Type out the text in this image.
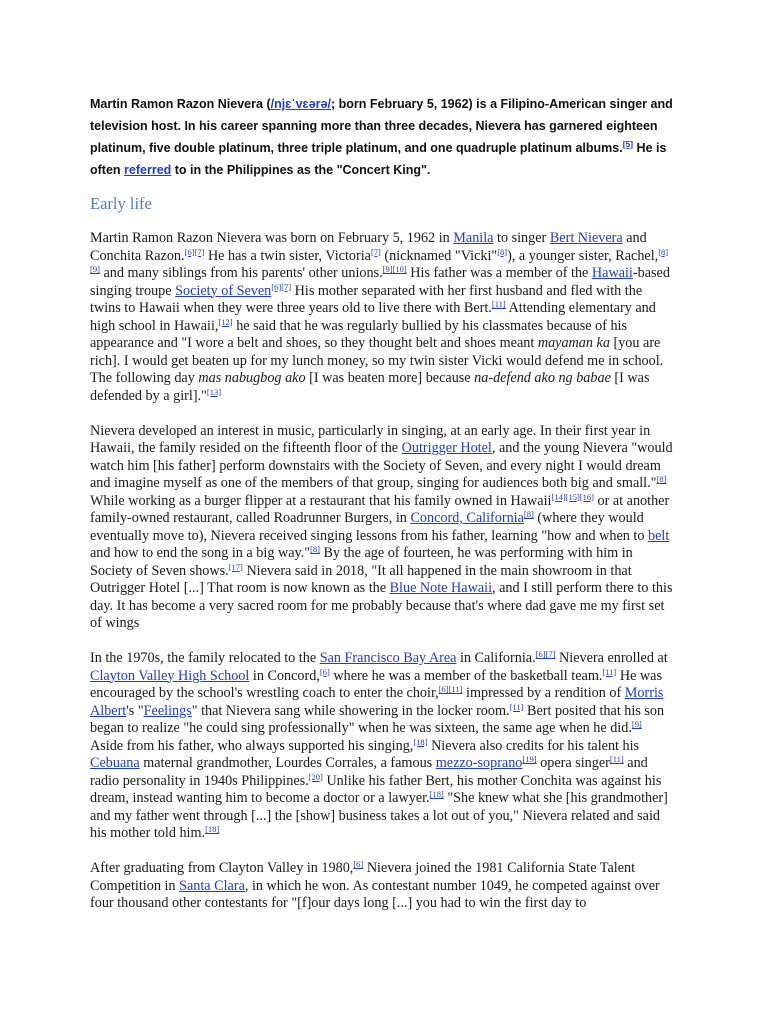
Martin Ramon Razon Nievera (/njɛˈvɛərə/; born February 5, 1962) is a Filipino-American singer and television host. In his career spanning more than three decades, Nievera has garnered eighteen platinum, five double platinum, three triple platinum, and one quadruple platinum albums.[5] He is often referred to in the Philippines as the "Concert King".

Early life

Martin Ramon Razon Nievera was born on February 5, 1962 in Manila to singer Bert Nievera and Conchita Razon.[6][7] He has a twin sister, Victoria[7] (nicknamed "Vicki"[8]), a younger sister, Rachel,[8][9] and many siblings from his parents' other unions.[9][10] His father was a member of the Hawaii-based singing troupe Society of Seven[6][7] His mother separated with her first husband and fled with the twins to Hawaii when they were three years old to live there with Bert.[11] Attending elementary and high school in Hawaii,[12] he said that he was regularly bullied by his classmates because of his appearance and "I wore a belt and shoes, so they thought belt and shoes meant mayaman ka [you are rich]. I would get beaten up for my lunch money, so my twin sister Vicki would defend me in school. The following day mas nabugbog ako [I was beaten more] because na-defend ako ng babae [I was defended by a girl]."[13]

Nievera developed an interest in music, particularly in singing, at an early age. In their first year in Hawaii, the family resided on the fifteenth floor of the Outrigger Hotel, and the young Nievera "would watch him [his father] perform downstairs with the Society of Seven, and every night I would dream and imagine myself as one of the members of that group, singing for audiences both big and small."[8] While working as a burger flipper at a restaurant that his family owned in Hawaii[14][15][16] or at another family-owned restaurant, called Roadrunner Burgers, in Concord, California[8] (where they would eventually move to), Nievera received singing lessons from his father, learning "how and when to belt and how to end the song in a big way."[8] By the age of fourteen, he was performing with him in Society of Seven shows.[17] Nievera said in 2018, "It all happened in the main showroom in that Outrigger Hotel [...] That room is now known as the Blue Note Hawaii, and I still perform there to this day. It has become a very sacred room for me probably because that's where dad gave me my first set of wings

In the 1970s, the family relocated to the San Francisco Bay Area in California.[6][7] Nievera enrolled at Clayton Valley High School in Concord,[6] where he was a member of the basketball team.[11] He was encouraged by the school's wrestling coach to enter the choir,[6][11] impressed by a rendition of Morris Albert's "Feelings" that Nievera sang while showering in the locker room.[11] Bert posited that his son began to realize "he could sing professionally" when he was sixteen, the same age when he did.[9] Aside from his father, who always supported his singing,[18] Nievera also credits for his talent his Cebuana maternal grandmother, Lourdes Corrales, a famous mezzo-soprano[19] opera singer[11] and radio personality in 1940s Philippines.[20] Unlike his father Bert, his mother Conchita was against his dream, instead wanting him to become a doctor or a lawyer.[18] "She knew what she [his grandmother] and my father went through [...] the [show] business takes a lot out of you," Nievera related and said his mother told him.[18]

After graduating from Clayton Valley in 1980,[6] Nievera joined the 1981 California State Talent Competition in Santa Clara, in which he won. As contestant number 1049, he competed against over four thousand other contestants for "[f]our days long [...] you had to win the first day to
